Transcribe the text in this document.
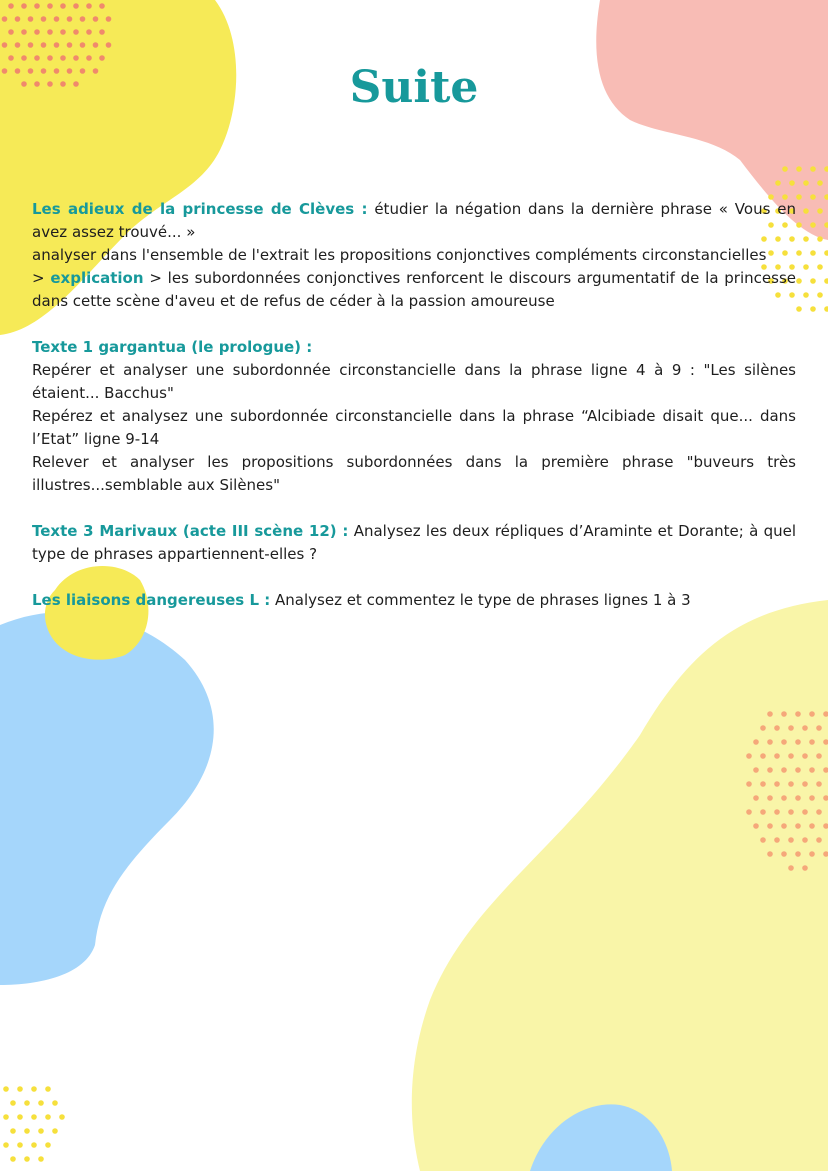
Suite

Les adieux de la princesse de Clèves : étudier la négation dans la dernière phrase « Vous en avez assez trouvé... »
analyser dans l'ensemble de l'extrait les propositions conjonctives compléments circonstancielles
> explication > les subordonnées conjonctives renforcent le discours argumentatif de la princesse dans cette scène d'aveu et de refus de céder à la passion amoureuse

Texte 1 gargantua (le prologue) :
Repérer et analyser une subordonnée circonstancielle dans la phrase ligne 4 à 9 : "Les silènes étaient... Bacchus"
Repérez et analysez une subordonnée circonstancielle dans la phrase “Alcibiade disait que... dans l’Etat” ligne 9-14
Relever et analyser les propositions subordonnées dans la première phrase "buveurs très illustres...semblable aux Silènes"

Texte 3 Marivaux (acte III scène 12) : Analysez les deux répliques d’Araminte et Dorante; à quel type de phrases appartiennent-elles ?

Les liaisons dangereuses L : Analysez et commentez le type de phrases lignes 1 à 3
